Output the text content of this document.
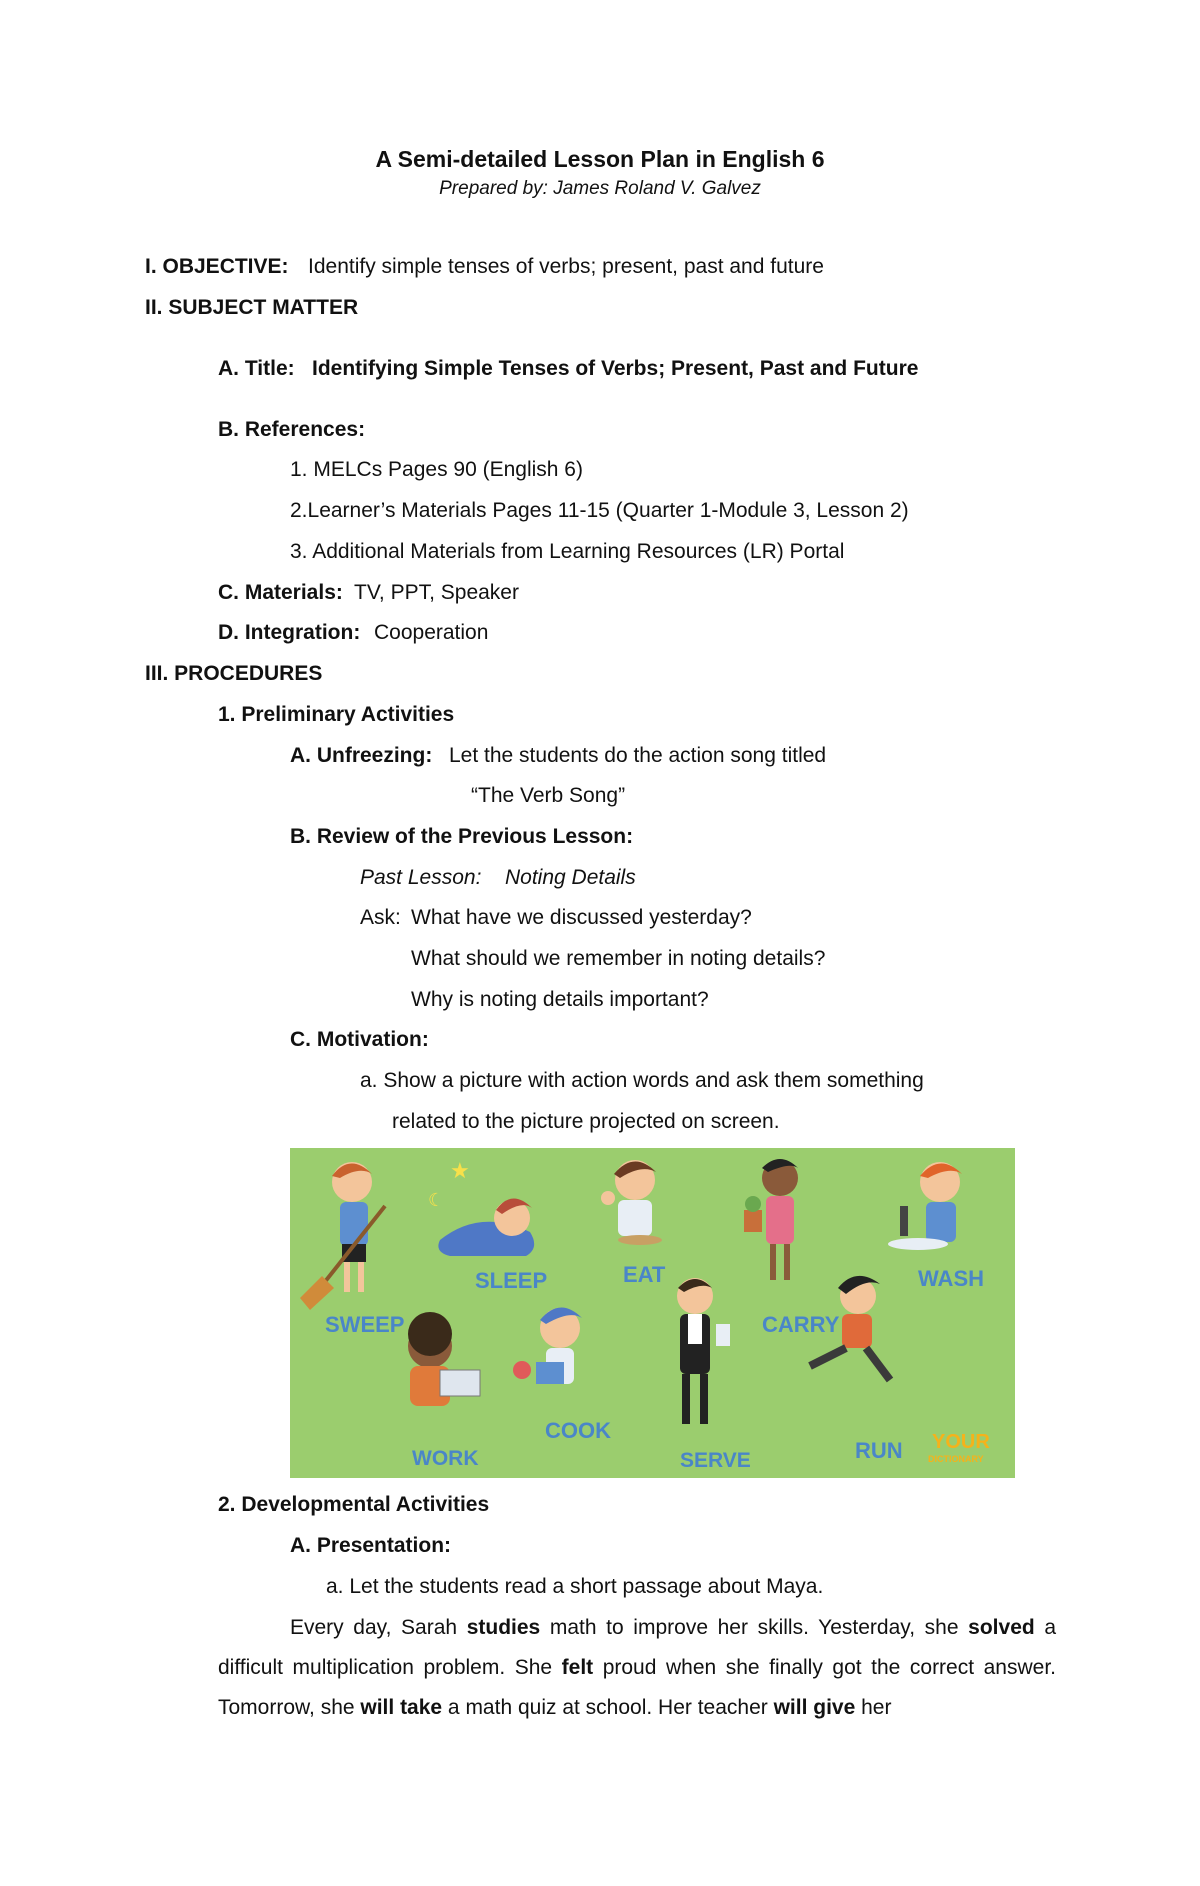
A Semi-detailed Lesson Plan in English 6
Prepared by: James Roland V. Galvez
I. OBJECTIVE: Identify simple tenses of verbs; present, past and future
II. SUBJECT MATTER
A. Title: Identifying Simple Tenses of Verbs; Present, Past and Future
B. References:
1. MELCs Pages 90 (English 6)
2.Learner’s Materials Pages 11-15 (Quarter 1-Module 3, Lesson 2)
3. Additional Materials from Learning Resources (LR) Portal
C. Materials: TV, PPT, Speaker
D. Integration: Cooperation
III. PROCEDURES
1. Preliminary Activities
A. Unfreezing: Let the students do the action song titled
“The Verb Song”
B. Review of the Previous Lesson:
Past Lesson: Noting Details
Ask: What have we discussed yesterday?
What should we remember in noting details?
Why is noting details important?
C. Motivation:
a. Show a picture with action words and ask them something
related to the picture projected on screen.
★
☾
SWEEP
SLEEP	EAT
CARRY
WASH
WORK
COOK
SERVE	RUN YOUR
DICTIONARY
2. Developmental Activities
A. Presentation:
a. Let the students read a short passage about Maya.
Every day, Sarah studies math to improve her skills. Yesterday, she solved a difficult multiplication problem. She felt proud when she finally got the correct answer. Tomorrow, she will take a math quiz at school. Her teacher will give her
